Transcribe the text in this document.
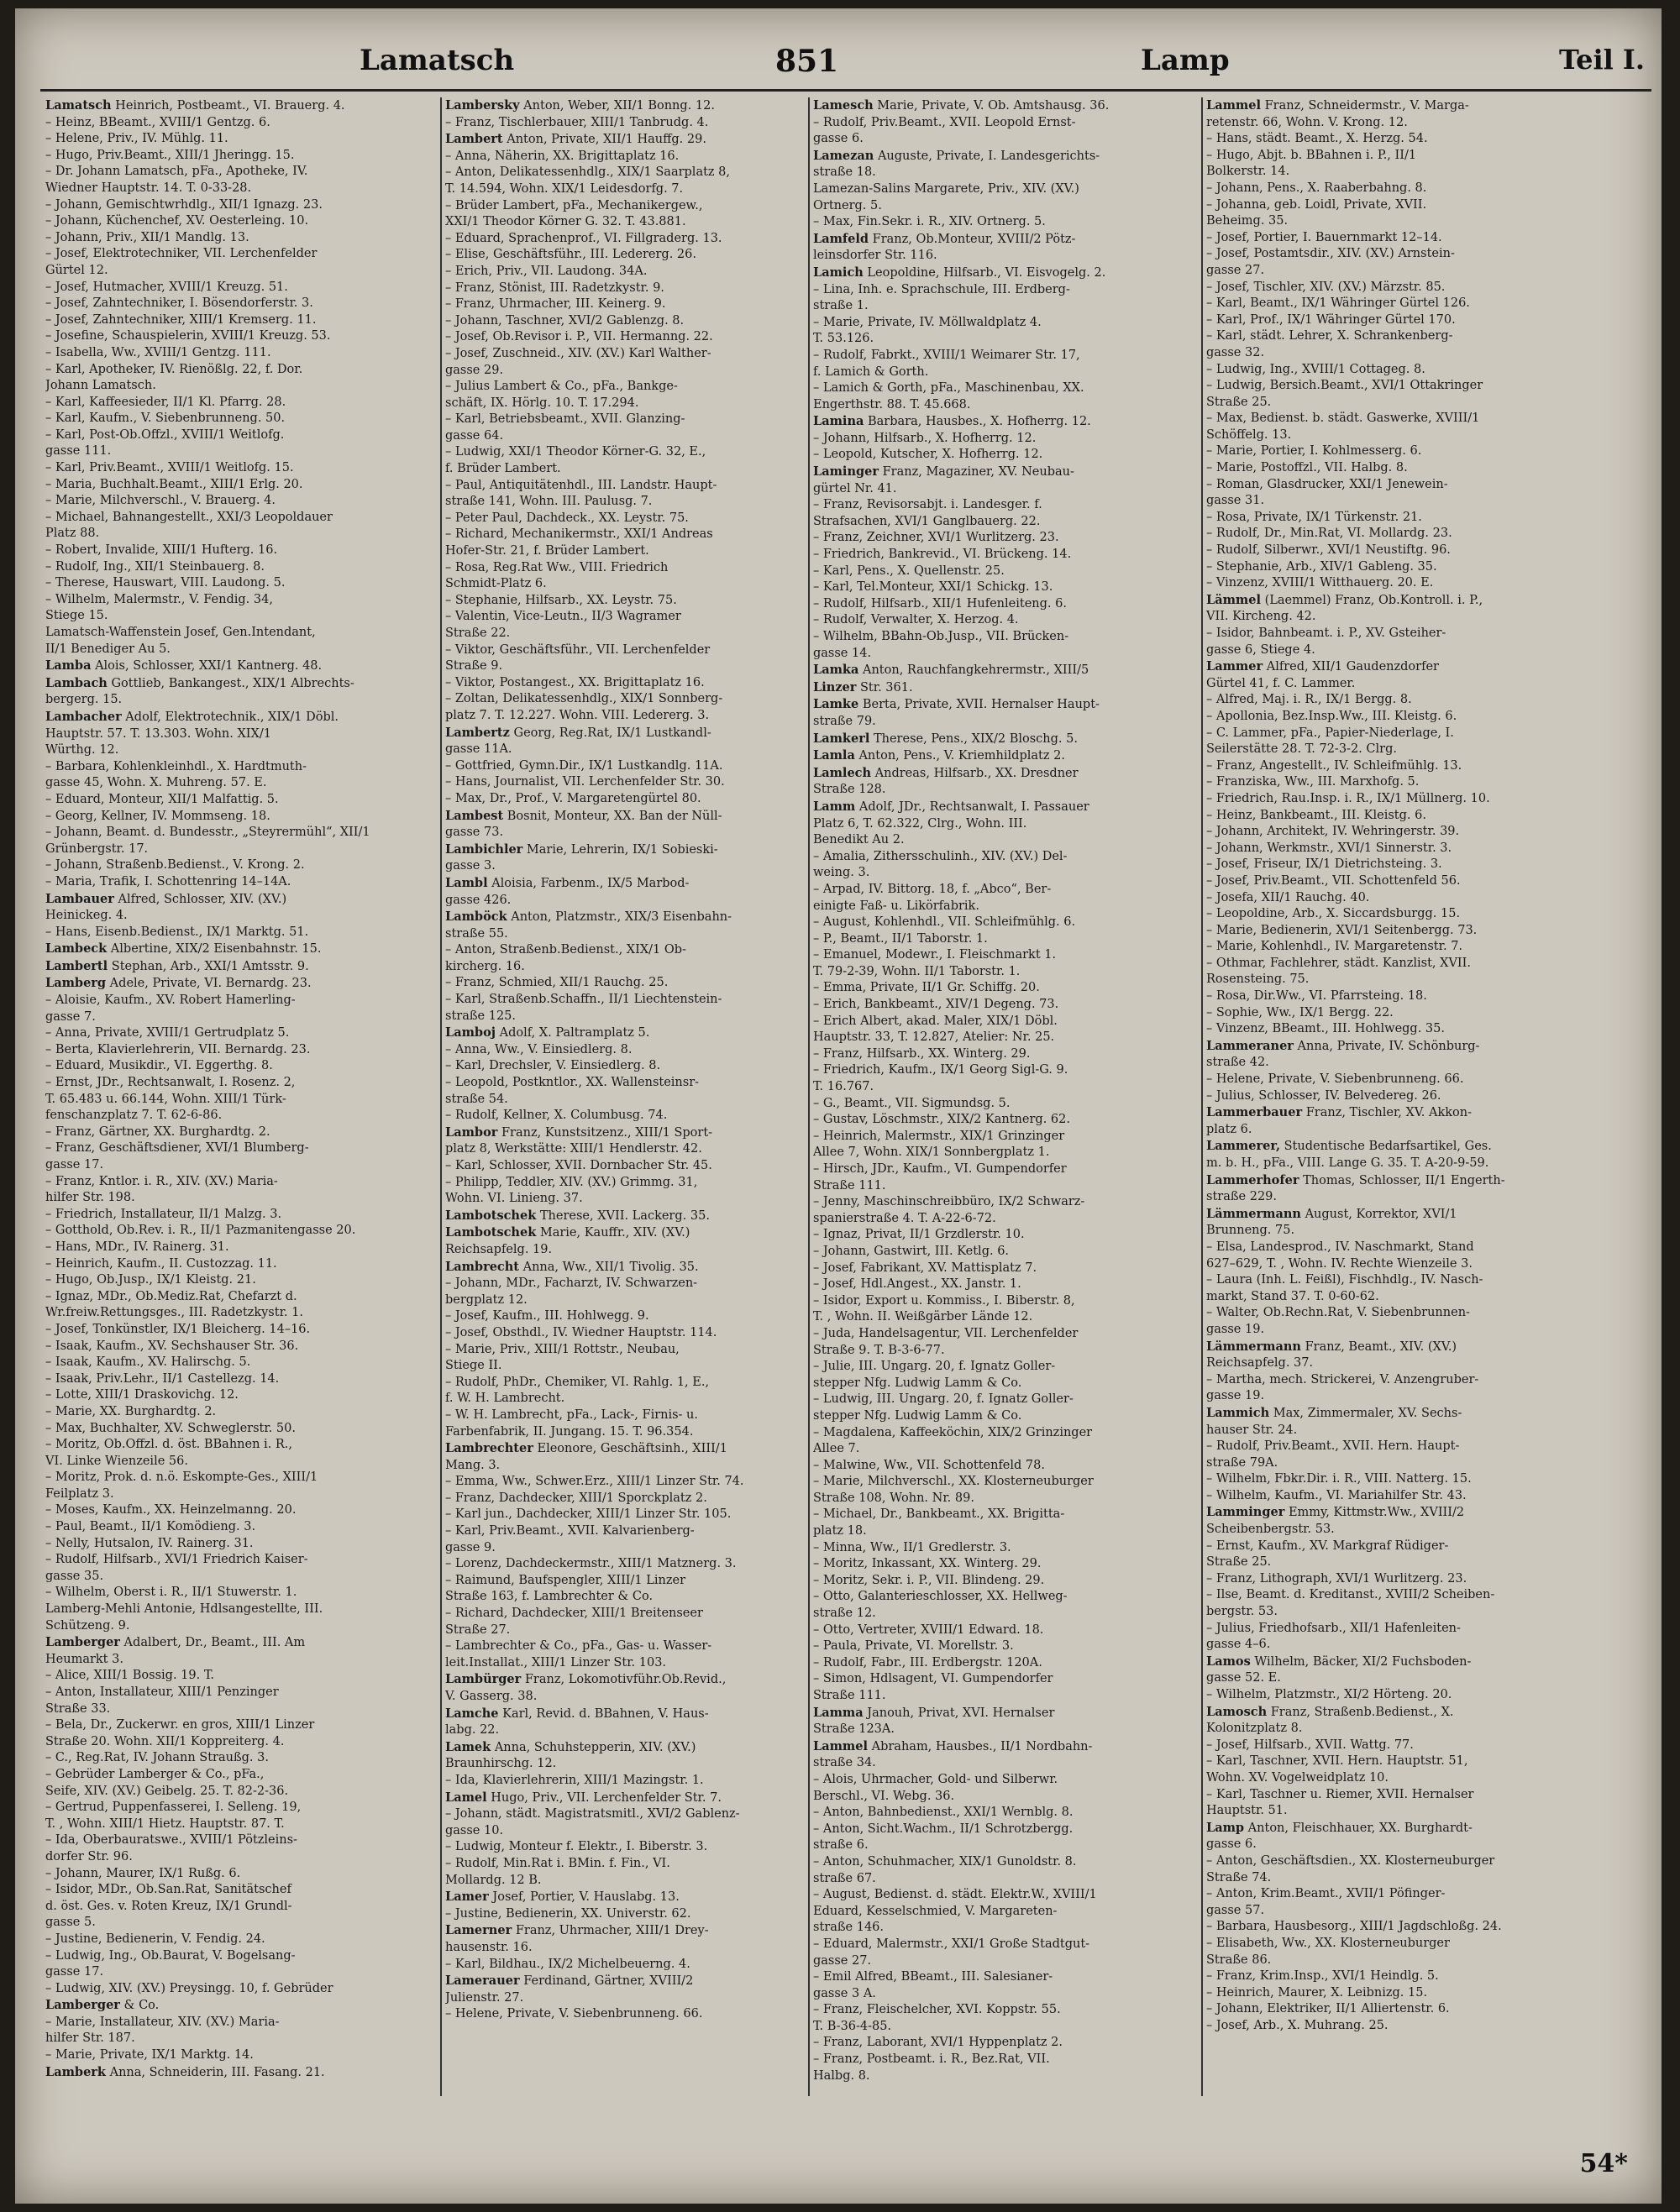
Lamatsch	851	Lamp	Teil I.
Lamatsch Heinrich, Postbeamt., VI. Brauerg. 4.
– Heinz, BBeamt., XVIII/1 Gentzg. 6.
– Helene, Priv., IV. Mühlg. 11.
– Hugo, Priv.Beamt., XIII/1 Jheringg. 15.
– Dr. Johann Lamatsch, pFa., Apotheke, IV.
Wiedner Hauptstr. 14. T. 0-33-28.
– Johann, Gemischtwrhdlg., XII/1 Ignazg. 23.
– Johann, Küchenchef, XV. Oesterleing. 10.
– Johann, Priv., XII/1 Mandlg. 13.
– Josef, Elektrotechniker, VII. Lerchenfelder
Gürtel 12.
– Josef, Hutmacher, XVIII/1 Kreuzg. 51.
– Josef, Zahntechniker, I. Bösendorferstr. 3.
– Josef, Zahntechniker, XIII/1 Kremserg. 11.
– Josefine, Schauspielerin, XVIII/1 Kreuzg. 53.
– Isabella, Ww., XVIII/1 Gentzg. 111.
– Karl, Apotheker, IV. Rienößlg. 22, f. Dor.
Johann Lamatsch.
– Karl, Kaffeesieder, II/1 Kl. Pfarrg. 28.
– Karl, Kaufm., V. Siebenbrunneng. 50.
– Karl, Post-Ob.Offzl., XVIII/1 Weitlofg.
gasse 111.
– Karl, Priv.Beamt., XVIII/1 Weitlofg. 15.
– Maria, Buchhalt.Beamt., XIII/1 Erlg. 20.
– Marie, Milchverschl., V. Brauerg. 4.
– Michael, Bahnangestellt., XXI/3 Leopoldauer
Platz 88.
– Robert, Invalide, XIII/1 Hufterg. 16.
– Rudolf, Ing., XII/1 Steinbauerg. 8.
– Therese, Hauswart, VIII. Laudong. 5.
– Wilhelm, Malermstr., V. Fendig. 34,
Stiege 15.
Lamatsch-Waffenstein Josef, Gen.Intendant,
II/1 Benediger Au 5.
Lamba Alois, Schlosser, XXI/1 Kantnerg. 48.
Lambach Gottlieb, Bankangest., XIX/1 Albrechts-
bergerg. 15.
Lambacher Adolf, Elektrotechnik., XIX/1 Döbl.
Hauptstr. 57. T. 13.303. Wohn. XIX/1
Würthg. 12.
– Barbara, Kohlenkleinhdl., X. Hardtmuth-
gasse 45, Wohn. X. Muhreng. 57. E.
– Eduard, Monteur, XII/1 Malfattig. 5.
– Georg, Kellner, IV. Mommseng. 18.
– Johann, Beamt. d. Bundesstr., „Steyrermühl“, XII/1
Grünbergstr. 17.
– Johann, Straßenb.Bedienst., V. Krong. 2.
– Maria, Trafik, I. Schottenring 14–14A.
Lambauer Alfred, Schlosser, XIV. (XV.)
Heinickeg. 4.
– Hans, Eisenb.Bedienst., IX/1 Marktg. 51.
Lambeck Albertine, XIX/2 Eisenbahnstr. 15.
Lambertl Stephan, Arb., XXI/1 Amtsstr. 9.
Lamberg Adele, Private, VI. Bernardg. 23.
– Aloisie, Kaufm., XV. Robert Hamerling-
gasse 7.
– Anna, Private, XVIII/1 Gertrudplatz 5.
– Berta, Klavierlehrerin, VII. Bernardg. 23.
– Eduard, Musikdir., VI. Eggerthg. 8.
– Ernst, JDr., Rechtsanwalt, I. Rosenz. 2,
T. 65.483 u. 66.144, Wohn. XIII/1 Türk-
fenschanzplatz 7. T. 62-6-86.
– Franz, Gärtner, XX. Burghardtg. 2.
– Franz, Geschäftsdiener, XVI/1 Blumberg-
gasse 17.
– Franz, Kntlor. i. R., XIV. (XV.) Maria-
hilfer Str. 198.
– Friedrich, Installateur, II/1 Malzg. 3.
– Gotthold, Ob.Rev. i. R., II/1 Pazmanitengasse 20.
– Hans, MDr., IV. Rainerg. 31.
– Heinrich, Kaufm., II. Custozzag. 11.
– Hugo, Ob.Jusp., IX/1 Kleistg. 21.
– Ignaz, MDr., Ob.Mediz.Rat, Chefarzt d.
Wr.freiw.Rettungsges., III. Radetzkystr. 1.
– Josef, Tonkünstler, IX/1 Bleicherg. 14–16.
– Isaak, Kaufm., XV. Sechshauser Str. 36.
– Isaak, Kaufm., XV. Halirschg. 5.
– Isaak, Priv.Lehr., II/1 Castellezg. 14.
– Lotte, XIII/1 Draskovichg. 12.
– Marie, XX. Burghardtg. 2.
– Max, Buchhalter, XV. Schweglerstr. 50.
– Moritz, Ob.Offzl. d. öst. BBahnen i. R.,
VI. Linke Wienzeile 56.
– Moritz, Prok. d. n.ö. Eskompte-Ges., XIII/1
Feilplatz 3.
– Moses, Kaufm., XX. Heinzelmanng. 20.
– Paul, Beamt., II/1 Komödieng. 3.
– Nelly, Hutsalon, IV. Rainerg. 31.
– Rudolf, Hilfsarb., XVI/1 Friedrich Kaiser-
gasse 35.
– Wilhelm, Oberst i. R., II/1 Stuwerstr. 1.
Lamberg-Mehli Antonie, Hdlsangestellte, III.
Schützeng. 9.
Lamberger Adalbert, Dr., Beamt., III. Am
Heumarkt 3.
– Alice, XIII/1 Bossig. 19. T.
– Anton, Installateur, XIII/1 Penzinger
Straße 33.
– Bela, Dr., Zuckerwr. en gros, XIII/1 Linzer
Straße 20. Wohn. XII/1 Koppreiterg. 4.
– C., Reg.Rat, IV. Johann Straußg. 3.
– Gebrüder Lamberger & Co., pFa.,
Seife, XIV. (XV.) Geibelg. 25. T. 82-2-36.
– Gertrud, Puppenfasserei, I. Selleng. 19,
T. , Wohn. XIII/1 Hietz. Hauptstr. 87. T.
– Ida, Oberbauratswe., XVIII/1 Pötzleins-
dorfer Str. 96.
– Johann, Maurer, IX/1 Rußg. 6.
– Isidor, MDr., Ob.San.Rat, Sanitätschef
d. öst. Ges. v. Roten Kreuz, IX/1 Grundl-
gasse 5.
– Justine, Bedienerin, V. Fendig. 24.
– Ludwig, Ing., Ob.Baurat, V. Bogelsang-
gasse 17.
– Ludwig, XIV. (XV.) Preysingg. 10, f. Gebrüder
Lamberger & Co.
– Marie, Installateur, XIV. (XV.) Maria-
hilfer Str. 187.
– Marie, Private, IX/1 Marktg. 14.
Lamberk Anna, Schneiderin, III. Fasang. 21.
Lambersky Anton, Weber, XII/1 Bonng. 12.
– Franz, Tischlerbauer, XIII/1 Tanbrudg. 4.
Lambert Anton, Private, XII/1 Hauffg. 29.
– Anna, Näherin, XX. Brigittaplatz 16.
– Anton, Delikatessenhdlg., XIX/1 Saarplatz 8,
T. 14.594, Wohn. XIX/1 Leidesdorfg. 7.
– Brüder Lambert, pFa., Mechanikergew.,
XXI/1 Theodor Körner G. 32. T. 43.881.
– Eduard, Sprachenprof., VI. Fillgraderg. 13.
– Elise, Geschäftsführ., III. Ledererg. 26.
– Erich, Priv., VII. Laudong. 34A.
– Franz, Stönist, III. Radetzkystr. 9.
– Franz, Uhrmacher, III. Keinerg. 9.
– Johann, Taschner, XVI/2 Gablenzg. 8.
– Josef, Ob.Revisor i. P., VII. Hermanng. 22.
– Josef, Zuschneid., XIV. (XV.) Karl Walther-
gasse 29.
– Julius Lambert & Co., pFa., Bankge-
schäft, IX. Hörlg. 10. T. 17.294.
– Karl, Betriebsbeamt., XVII. Glanzing-
gasse 64.
– Ludwig, XXI/1 Theodor Körner-G. 32, E.,
f. Brüder Lambert.
– Paul, Antiquitätenhdl., III. Landstr. Haupt-
straße 141, Wohn. III. Paulusg. 7.
– Peter Paul, Dachdeck., XX. Leystr. 75.
– Richard, Mechanikermstr., XXI/1 Andreas
Hofer-Str. 21, f. Brüder Lambert.
– Rosa, Reg.Rat Ww., VIII. Friedrich
Schmidt-Platz 6.
– Stephanie, Hilfsarb., XX. Leystr. 75.
– Valentin, Vice-Leutn., II/3 Wagramer
Straße 22.
– Viktor, Geschäftsführ., VII. Lerchenfelder
Straße 9.
– Viktor, Postangest., XX. Brigittaplatz 16.
– Zoltan, Delikatessenhdlg., XIX/1 Sonnberg-
platz 7. T. 12.227. Wohn. VIII. Ledererg. 3.
Lambertz Georg, Reg.Rat, IX/1 Lustkandl-
gasse 11A.
– Gottfried, Gymn.Dir., IX/1 Lustkandlg. 11A.
– Hans, Journalist, VII. Lerchenfelder Str. 30.
– Max, Dr., Prof., V. Margaretengürtel 80.
Lambest Bosnit, Monteur, XX. Ban der Nüll-
gasse 73.
Lambichler Marie, Lehrerin, IX/1 Sobieski-
gasse 3.
Lambl Aloisia, Farbenm., IX/5 Marbod-
gasse 426.
Lamböck Anton, Platzmstr., XIX/3 Eisenbahn-
straße 55.
– Anton, Straßenb.Bedienst., XIX/1 Ob-
kircherg. 16.
– Franz, Schmied, XII/1 Rauchg. 25.
– Karl, Straßenb.Schaffn., II/1 Liechtenstein-
straße 125.
Lamboj Adolf, X. Paltramplatz 5.
– Anna, Ww., V. Einsiedlerg. 8.
– Karl, Drechsler, V. Einsiedlerg. 8.
– Leopold, Postkntlor., XX. Wallensteinsr-
straße 54.
– Rudolf, Kellner, X. Columbusg. 74.
Lambor Franz, Kunstsitzenz., XIII/1 Sport-
platz 8, Werkstätte: XIII/1 Hendlerstr. 42.
– Karl, Schlosser, XVII. Dornbacher Str. 45.
– Philipp, Teddler, XIV. (XV.) Grimmg. 31,
Wohn. VI. Linieng. 37.
Lambotschek Therese, XVII. Lackerg. 35.
Lambotschek Marie, Kauffr., XIV. (XV.)
Reichsapfelg. 19.
Lambrecht Anna, Ww., XII/1 Tivolig. 35.
– Johann, MDr., Facharzt, IV. Schwarzen-
bergplatz 12.
– Josef, Kaufm., III. Hohlwegg. 9.
– Josef, Obsthdl., IV. Wiedner Hauptstr. 114.
– Marie, Priv., XIII/1 Rottstr., Neubau,
Stiege II.
– Rudolf, PhDr., Chemiker, VI. Rahlg. 1, E.,
f. W. H. Lambrecht.
– W. H. Lambrecht, pFa., Lack-, Firnis- u.
Farbenfabrik, II. Jungang. 15. T. 96.354.
Lambrechter Eleonore, Geschäftsinh., XIII/1
Mang. 3.
– Emma, Ww., Schwer.Erz., XIII/1 Linzer Str. 74.
– Franz, Dachdecker, XIII/1 Sporckplatz 2.
– Karl jun., Dachdecker, XIII/1 Linzer Str. 105.
– Karl, Priv.Beamt., XVII. Kalvarienberg-
gasse 9.
– Lorenz, Dachdeckermstr., XIII/1 Matznerg. 3.
– Raimund, Baufspengler, XIII/1 Linzer
Straße 163, f. Lambrechter & Co.
– Richard, Dachdecker, XIII/1 Breitenseer
Straße 27.
– Lambrechter & Co., pFa., Gas- u. Wasser-
leit.Installat., XIII/1 Linzer Str. 103.
Lambürger Franz, Lokomotivführ.Ob.Revid.,
V. Gasserg. 38.
Lamche Karl, Revid. d. BBahnen, V. Haus-
labg. 22.
Lamek Anna, Schuhstepperin, XIV. (XV.)
Braunhirschg. 12.
– Ida, Klavierlehrerin, XIII/1 Mazingstr. 1.
Lamel Hugo, Priv., VII. Lerchenfelder Str. 7.
– Johann, städt. Magistratsmitl., XVI/2 Gablenz-
gasse 10.
– Ludwig, Monteur f. Elektr., I. Biberstr. 3.
– Rudolf, Min.Rat i. BMin. f. Fin., VI.
Mollardg. 12 B.
Lamer Josef, Portier, V. Hauslabg. 13.
– Justine, Bedienerin, XX. Universtr. 62.
Lamerner Franz, Uhrmacher, XIII/1 Drey-
hausenstr. 16.
– Karl, Bildhau., IX/2 Michelbeuerng. 4.
Lamerauer Ferdinand, Gärtner, XVIII/2
Julienstr. 27.
– Helene, Private, V. Siebenbrunneng. 66.
Lamesch Marie, Private, V. Ob. Amtshausg. 36.
– Rudolf, Priv.Beamt., XVII. Leopold Ernst-
gasse 6.
Lamezan Auguste, Private, I. Landesgerichts-
straße 18.
Lamezan-Salins Margarete, Priv., XIV. (XV.)
Ortnerg. 5.
– Max, Fin.Sekr. i. R., XIV. Ortnerg. 5.
Lamfeld Franz, Ob.Monteur, XVIII/2 Pötz-
leinsdorfer Str. 116.
Lamich Leopoldine, Hilfsarb., VI. Eisvogelg. 2.
– Lina, Inh. e. Sprachschule, III. Erdberg-
straße 1.
– Marie, Private, IV. Möllwaldplatz 4.
T. 53.126.
– Rudolf, Fabrkt., XVIII/1 Weimarer Str. 17,
f. Lamich & Gorth.
– Lamich & Gorth, pFa., Maschinenbau, XX.
Engerthstr. 88. T. 45.668.
Lamina Barbara, Hausbes., X. Hofherrg. 12.
– Johann, Hilfsarb., X. Hofherrg. 12.
– Leopold, Kutscher, X. Hofherrg. 12.
Laminger Franz, Magaziner, XV. Neubau-
gürtel Nr. 41.
– Franz, Revisorsabjt. i. Landesger. f.
Strafsachen, XVI/1 Ganglbauerg. 22.
– Franz, Zeichner, XVI/1 Wurlitzerg. 23.
– Friedrich, Bankrevid., VI. Brückeng. 14.
– Karl, Pens., X. Quellenstr. 25.
– Karl, Tel.Monteur, XXI/1 Schickg. 13.
– Rudolf, Hilfsarb., XII/1 Hufenleiteng. 6.
– Rudolf, Verwalter, X. Herzog. 4.
– Wilhelm, BBahn-Ob.Jusp., VII. Brücken-
gasse 14.
Lamka Anton, Rauchfangkehrermstr., XIII/5
Linzer Str. 361.
Lamke Berta, Private, XVII. Hernalser Haupt-
straße 79.
Lamkerl Therese, Pens., XIX/2 Bloschg. 5.
Lamla Anton, Pens., V. Kriemhildplatz 2.
Lamlech Andreas, Hilfsarb., XX. Dresdner
Straße 128.
Lamm Adolf, JDr., Rechtsanwalt, I. Passauer
Platz 6, T. 62.322, Clrg., Wohn. III.
Benedikt Au 2.
– Amalia, Zithersschulinh., XIV. (XV.) Del-
weing. 3.
– Arpad, IV. Bittorg. 18, f. „Abco“, Ber-
einigte Faß- u. Likörfabrik.
– August, Kohlenhdl., VII. Schleifmühlg. 6.
– P., Beamt., II/1 Taborstr. 1.
– Emanuel, Modewr., I. Fleischmarkt 1.
T. 79-2-39, Wohn. II/1 Taborstr. 1.
– Emma, Private, II/1 Gr. Schiffg. 20.
– Erich, Bankbeamt., XIV/1 Degeng. 73.
– Erich Albert, akad. Maler, XIX/1 Döbl.
Hauptstr. 33, T. 12.827, Atelier: Nr. 25.
– Franz, Hilfsarb., XX. Winterg. 29.
– Friedrich, Kaufm., IX/1 Georg Sigl-G. 9.
T. 16.767.
– G., Beamt., VII. Sigmundsg. 5.
– Gustav, Löschmstr., XIX/2 Kantnerg. 62.
– Heinrich, Malermstr., XIX/1 Grinzinger
Allee 7, Wohn. XIX/1 Sonnbergplatz 1.
– Hirsch, JDr., Kaufm., VI. Gumpendorfer
Straße 111.
– Jenny, Maschinschreibbüro, IX/2 Schwarz-
spanierstraße 4. T. A-22-6-72.
– Ignaz, Privat, II/1 Grzdlerstr. 10.
– Johann, Gastwirt, III. Ketlg. 6.
– Josef, Fabrikant, XV. Mattisplatz 7.
– Josef, Hdl.Angest., XX. Janstr. 1.
– Isidor, Export u. Kommiss., I. Biberstr. 8,
T. , Wohn. II. Weißgärber Lände 12.
– Juda, Handelsagentur, VII. Lerchenfelder
Straße 9. T. B-3-6-77.
– Julie, III. Ungarg. 20, f. Ignatz Goller-
stepper Nfg. Ludwig Lamm & Co.
– Ludwig, III. Ungarg. 20, f. Ignatz Goller-
stepper Nfg. Ludwig Lamm & Co.
– Magdalena, Kaffeeköchin, XIX/2 Grinzinger
Allee 7.
– Malwine, Ww., VII. Schottenfeld 78.
– Marie, Milchverschl., XX. Klosterneuburger
Straße 108, Wohn. Nr. 89.
– Michael, Dr., Bankbeamt., XX. Brigitta-
platz 18.
– Minna, Ww., II/1 Gredlerstr. 3.
– Moritz, Inkassant, XX. Winterg. 29.
– Moritz, Sekr. i. P., VII. Blindeng. 29.
– Otto, Galanterieschlosser, XX. Hellweg-
straße 12.
– Otto, Vertreter, XVIII/1 Edward. 18.
– Paula, Private, VI. Morellstr. 3.
– Rudolf, Fabr., III. Erdbergstr. 120A.
– Simon, Hdlsagent, VI. Gumpendorfer
Straße 111.
Lamma Janouh, Privat, XVI. Hernalser
Straße 123A.
Lammel Abraham, Hausbes., II/1 Nordbahn-
straße 34.
– Alois, Uhrmacher, Gold- und Silberwr.
Berschl., VI. Webg. 36.
– Anton, Bahnbedienst., XXI/1 Wernblg. 8.
– Anton, Sicht.Wachm., II/1 Schrotzbergg.
straße 6.
– Anton, Schuhmacher, XIX/1 Gunoldstr. 8.
straße 67.
– August, Bedienst. d. städt. Elektr.W., XVIII/1
Eduard, Kesselschmied, V. Margareten-
straße 146.
– Eduard, Malermstr., XXI/1 Große Stadtgut-
gasse 27.
– Emil Alfred, BBeamt., III. Salesianer-
gasse 3 A.
– Franz, Fleischelcher, XVI. Koppstr. 55.
T. B-36-4-85.
– Franz, Laborant, XVI/1 Hyppenplatz 2.
– Franz, Postbeamt. i. R., Bez.Rat, VII.
Halbg. 8.
Lammel Franz, Schneidermstr., V. Marga-
retenstr. 66, Wohn. V. Krong. 12.
– Hans, städt. Beamt., X. Herzg. 54.
– Hugo, Abjt. b. BBahnen i. P., II/1
Bolkerstr. 14.
– Johann, Pens., X. Raaberbahng. 8.
– Johanna, geb. Loidl, Private, XVII.
Beheimg. 35.
– Josef, Portier, I. Bauernmarkt 12–14.
– Josef, Postamtsdir., XIV. (XV.) Arnstein-
gasse 27.
– Josef, Tischler, XIV. (XV.) Märzstr. 85.
– Karl, Beamt., IX/1 Währinger Gürtel 126.
– Karl, Prof., IX/1 Währinger Gürtel 170.
– Karl, städt. Lehrer, X. Schrankenberg-
gasse 32.
– Ludwig, Ing., XVIII/1 Cottageg. 8.
– Ludwig, Bersich.Beamt., XVI/1 Ottakringer
Straße 25.
– Max, Bedienst. b. städt. Gaswerke, XVIII/1
Schöffelg. 13.
– Marie, Portier, I. Kohlmesserg. 6.
– Marie, Postoffzl., VII. Halbg. 8.
– Roman, Glasdrucker, XXI/1 Jenewein-
gasse 31.
– Rosa, Private, IX/1 Türkenstr. 21.
– Rudolf, Dr., Min.Rat, VI. Mollardg. 23.
– Rudolf, Silberwr., XVI/1 Neustiftg. 96.
– Stephanie, Arb., XIV/1 Gableng. 35.
– Vinzenz, XVIII/1 Witthauerg. 20. E.
Lämmel (Laemmel) Franz, Ob.Kontroll. i. P.,
VII. Kircheng. 42.
– Isidor, Bahnbeamt. i. P., XV. Gsteiher-
gasse 6, Stiege 4.
Lammer Alfred, XII/1 Gaudenzdorfer
Gürtel 41, f. C. Lammer.
– Alfred, Maj. i. R., IX/1 Bergg. 8.
– Apollonia, Bez.Insp.Ww., III. Kleistg. 6.
– C. Lammer, pFa., Papier-Niederlage, I.
Seilerstätte 28. T. 72-3-2. Clrg.
– Franz, Angestellt., IV. Schleifmühlg. 13.
– Franziska, Ww., III. Marxhofg. 5.
– Friedrich, Rau.Insp. i. R., IX/1 Müllnerg. 10.
– Heinz, Bankbeamt., III. Kleistg. 6.
– Johann, Architekt, IV. Wehringerstr. 39.
– Johann, Werkmstr., XVI/1 Sinnerstr. 3.
– Josef, Friseur, IX/1 Dietrichsteing. 3.
– Josef, Priv.Beamt., VII. Schottenfeld 56.
– Josefa, XII/1 Rauchg. 40.
– Leopoldine, Arb., X. Siccardsburgg. 15.
– Marie, Bedienerin, XVI/1 Seitenbergg. 73.
– Marie, Kohlenhdl., IV. Margaretenstr. 7.
– Othmar, Fachlehrer, städt. Kanzlist, XVII.
Rosensteing. 75.
– Rosa, Dir.Ww., VI. Pfarrsteing. 18.
– Sophie, Ww., IX/1 Bergg. 22.
– Vinzenz, BBeamt., III. Hohlwegg. 35.
Lammeraner Anna, Private, IV. Schönburg-
straße 42.
– Helene, Private, V. Siebenbrunneng. 66.
– Julius, Schlosser, IV. Belvedereg. 26.
Lammerbauer Franz, Tischler, XV. Akkon-
platz 6.
Lammerer, Studentische Bedarfsartikel, Ges.
m. b. H., pFa., VIII. Lange G. 35. T. A-20-9-59.
Lammerhofer Thomas, Schlosser, II/1 Engerth-
straße 229.
Lämmermann August, Korrektor, XVI/1
Brunneng. 75.
– Elsa, Landesprod., IV. Naschmarkt, Stand
627–629, T. , Wohn. IV. Rechte Wienzeile 3.
– Laura (Inh. L. Feißl), Fischhdlg., IV. Nasch-
markt, Stand 37. T. 0-60-62.
– Walter, Ob.Rechn.Rat, V. Siebenbrunnen-
gasse 19.
Lämmermann Franz, Beamt., XIV. (XV.)
Reichsapfelg. 37.
– Martha, mech. Strickerei, V. Anzengruber-
gasse 19.
Lammich Max, Zimmermaler, XV. Sechs-
hauser Str. 24.
– Rudolf, Priv.Beamt., XVII. Hern. Haupt-
straße 79A.
– Wilhelm, Fbkr.Dir. i. R., VIII. Natterg. 15.
– Wilhelm, Kaufm., VI. Mariahilfer Str. 43.
Lamminger Emmy, Kittmstr.Ww., XVIII/2
Scheibenbergstr. 53.
– Ernst, Kaufm., XV. Markgraf Rüdiger-
Straße 25.
– Franz, Lithograph, XVI/1 Wurlitzerg. 23.
– Ilse, Beamt. d. Kreditanst., XVIII/2 Scheiben-
bergstr. 53.
– Julius, Friedhofsarb., XII/1 Hafenleiten-
gasse 4–6.
Lamos Wilhelm, Bäcker, XI/2 Fuchsboden-
gasse 52. E.
– Wilhelm, Platzmstr., XI/2 Hörteng. 20.
Lamosch Franz, Straßenb.Bedienst., X.
Kolonitzplatz 8.
– Josef, Hilfsarb., XVII. Wattg. 77.
– Karl, Taschner, XVII. Hern. Hauptstr. 51,
Wohn. XV. Vogelweidplatz 10.
– Karl, Taschner u. Riemer, XVII. Hernalser
Hauptstr. 51.
Lamp Anton, Fleischhauer, XX. Burghardt-
gasse 6.
– Anton, Geschäftsdien., XX. Klosterneuburger
Straße 74.
– Anton, Krim.Beamt., XVII/1 Pöfinger-
gasse 57.
– Barbara, Hausbesorg., XIII/1 Jagdschloßg. 24.
– Elisabeth, Ww., XX. Klosterneuburger
Straße 86.
– Franz, Krim.Insp., XVI/1 Heindlg. 5.
– Heinrich, Maurer, X. Leibnizg. 15.
– Johann, Elektriker, II/1 Alliertenstr. 6.
– Josef, Arb., X. Muhrang. 25.
54*
